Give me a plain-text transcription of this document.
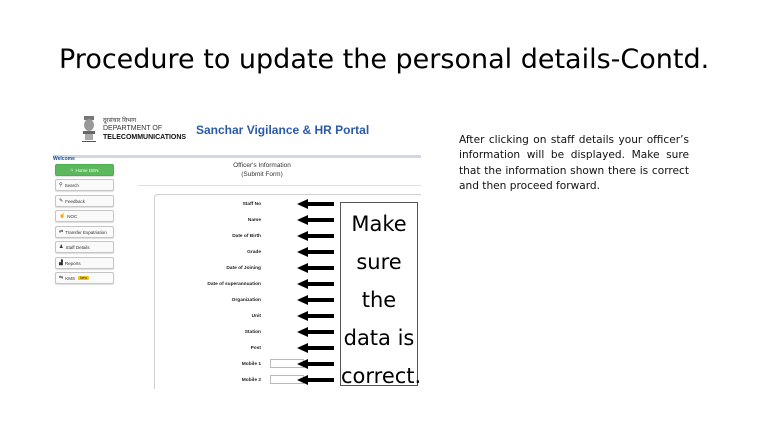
Procedure to update the personal details-Contd.
दूरसंचार विभाग
DEPARTMENT OF
TELECOMMUNICATIONS
Sanchar Vigilance & HR Portal
Welcome
⌂ Home GEN
⚲ Search
✎ Feedback
☝ NOC
⇄ Transfer Expatriation
♟ Staff Details
▟ Reports
⇆ KMS	New
Officer's Information
(Submit Form)
Staff No
Name
Date of Birth
Grade
Date of Joining
Date of superannuation
Organization
Unit
Station
Post
Mobile 1
Mobile 2
Make
sure
the
data is
correct.
After clicking on staff details your officer’s information will be displayed. Make sure that the information shown there is correct and then proceed forward.
